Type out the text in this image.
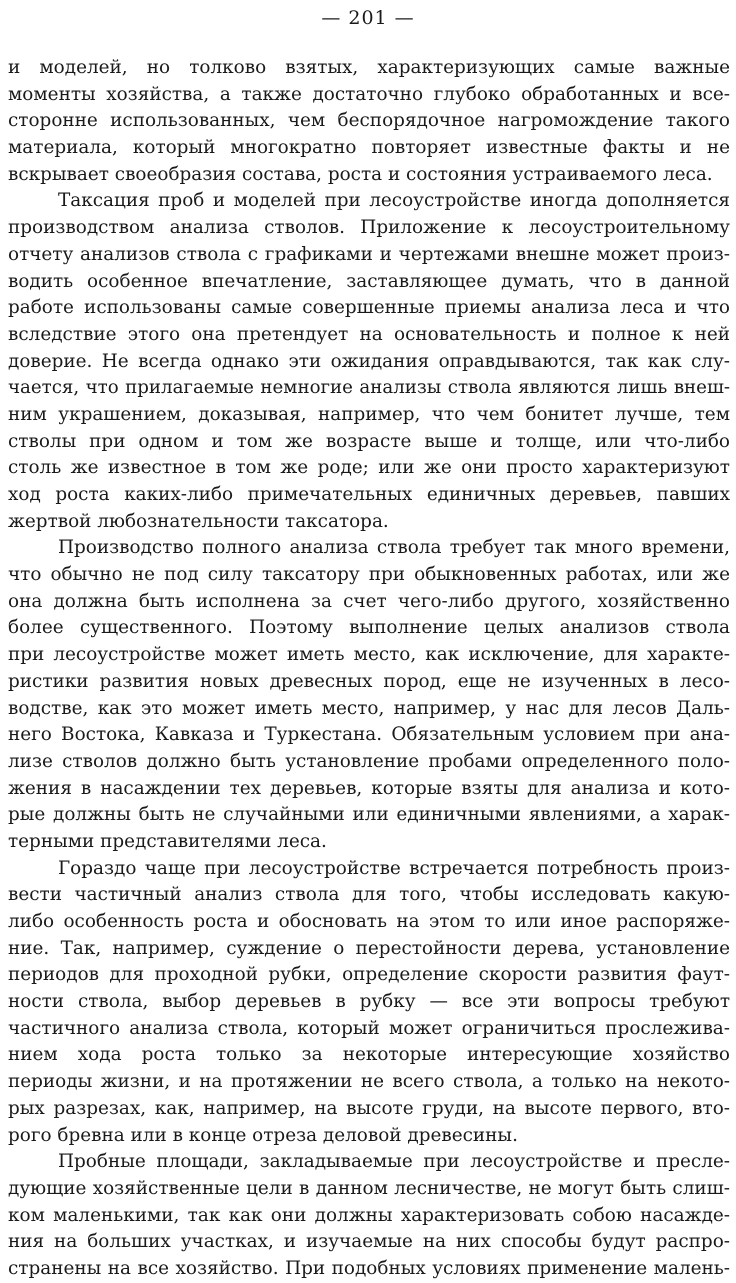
— 201 —
и моделей, но толково взятых, характеризующих самые важные
моменты хозяйства, а также достаточно глубоко обработанных и все-
сторонне использованных, чем беспорядочное нагромождение такого
материала, который многократно повторяет известные факты и не
вскрывает своеобразия состава, роста и состояния устраиваемого леса.
Таксация проб и моделей при лесоустройстве иногда дополняется
производством анализа стволов. Приложение к лесоустроительному
отчету анализов ствола с графиками и чертежами внешне может произ-
водить особенное впечатление, заставляющее думать, что в данной
работе использованы самые совершенные приемы анализа леса и что
вследствие этого она претендует на основательность и полное к ней
доверие. Не всегда однако эти ожидания оправдываются, так как слу-
чается, что прилагаемые немногие анализы ствола являются лишь внеш-
ним украшением, доказывая, например, что чем бонитет лучше, тем
стволы при одном и том же возрасте выше и толще, или что-либо
столь же известное в том же роде; или же они просто характеризуют
ход роста каких-либо примечательных единичных деревьев, павших
жертвой любознательности таксатора.
Производство полного анализа ствола требует так много времени,
что обычно не под силу таксатору при обыкновенных работах, или же
она должна быть исполнена за счет чего-либо другого, хозяйственно
более существенного. Поэтому выполнение целых анализов ствола
при лесоустройстве может иметь место, как исключение, для характе-
ристики развития новых древесных пород, еще не изученных в лесо-
водстве, как это может иметь место, например, у нас для лесов Даль-
него Востока, Кавказа и Туркестана. Обязательным условием при ана-
лизе стволов должно быть установление пробами определенного поло-
жения в насаждении тех деревьев, которые взяты для анализа и кото-
рые должны быть не случайными или единичными явлениями, а харак-
терными представителями леса.
Гораздо чаще при лесоустройстве встречается потребность произ-
вести частичный анализ ствола для того, чтобы исследовать какую-
либо особенность роста и обосновать на этом то или иное распоряже-
ние. Так, например, суждение о перестойности дерева, установление
периодов для проходной рубки, определение скорости развития фаут-
ности ствола, выбор деревьев в рубку — все эти вопросы требуют
частичного анализа ствола, который может ограничиться прослежива-
нием хода роста только за некоторые интересующие хозяйство
периоды жизни, и на протяжении не всего ствола, а только на некото-
рых разрезах, как, например, на высоте груди, на высоте первого, вто-
рого бревна или в конце отреза деловой древесины.
Пробные площади, закладываемые при лесоустройстве и пресле-
дующие хозяйственные цели в данном лесничестве, не могут быть слиш-
ком маленькими, так как они должны характеризовать собою насажде-
ния на больших участках, и изучаемые на них способы будут распро-
странены на все хозяйство. При подобных условиях применение малень-
